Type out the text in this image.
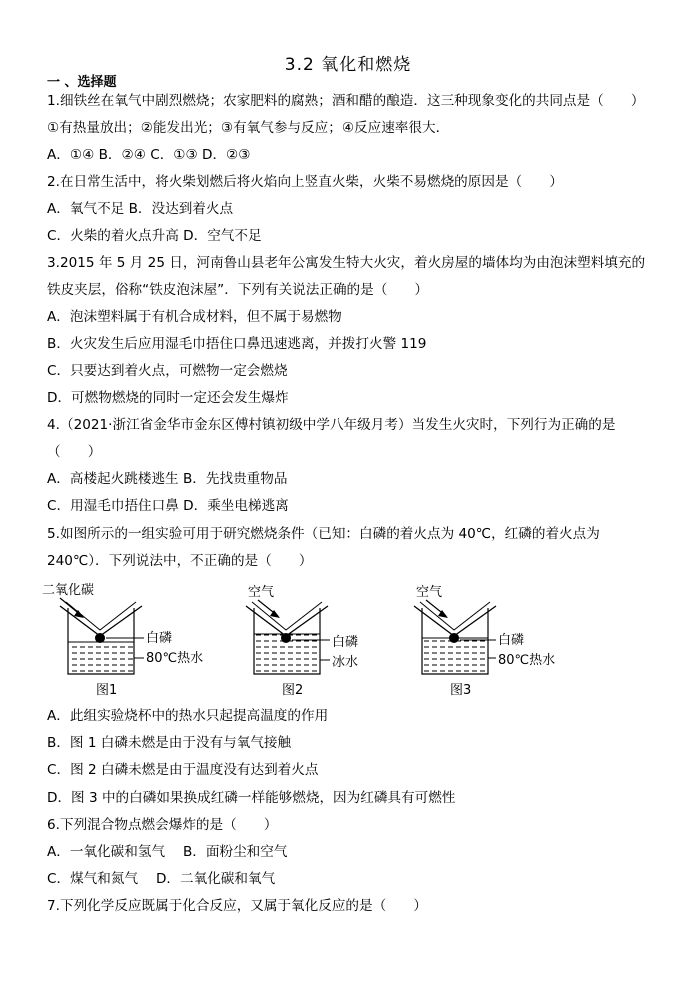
3.2 氧化和燃烧
一 、选择题
1.细铁丝在氧气中剧烈燃烧；农家肥料的腐熟；酒和醋的酿造．这三种现象变化的共同点是（　　）
①有热量放出；②能发出光；③有氧气参与反应；④反应速率很大．
A．①④ B．②④ C．①③ D．②③
2.在日常生活中，将火柴划燃后将火焰向上竖直火柴，火柴不易燃烧的原因是（　　）
A．氧气不足 B．没达到着火点
C．火柴的着火点升高 D．空气不足
3.2015 年 5 月 25 日，河南鲁山县老年公寓发生特大火灾，着火房屋的墙体均为由泡沫塑料填充的
铁皮夹层，俗称“铁皮泡沫屋”．下列有关说法正确的是（　　）
A．泡沫塑料属于有机合成材料，但不属于易燃物
B．火灾发生后应用湿毛巾捂住口鼻迅速逃离，并拨打火警 119
C．只要达到着火点，可燃物一定会燃烧
D．可燃物燃烧的同时一定还会发生爆炸
4.（2021·浙江省金华市金东区傅村镇初级中学八年级月考）当发生火灾时，下列行为正确的是
（　　）
A．高楼起火跳楼逃生 B．先找贵重物品
C．用湿毛巾捂住口鼻 D．乘坐电梯逃离
5.如图所示的一组实验可用于研究燃烧条件（已知：白磷的着火点为 40℃，红磷的着火点为
240℃）．下列说法中，不正确的是（　　）
二氧化碳
白磷
80℃热水
图1
空气
白磷
冰水
图2
空气
白磷
80℃热水
图3
A．此组实验烧杯中的热水只起提高温度的作用
B．图 1 白磷未燃是由于没有与氧气接触
C．图 2 白磷未燃是由于温度没有达到着火点
D．图 3 中的白磷如果换成红磷一样能够燃烧，因为红磷具有可燃性
6.下列混合物点燃会爆炸的是（　　）
A．一氧化碳和氢气　 B．面粉尘和空气
C．煤气和氮气　 D．二氧化碳和氧气
7.下列化学反应既属于化合反应，又属于氧化反应的是（　　）
